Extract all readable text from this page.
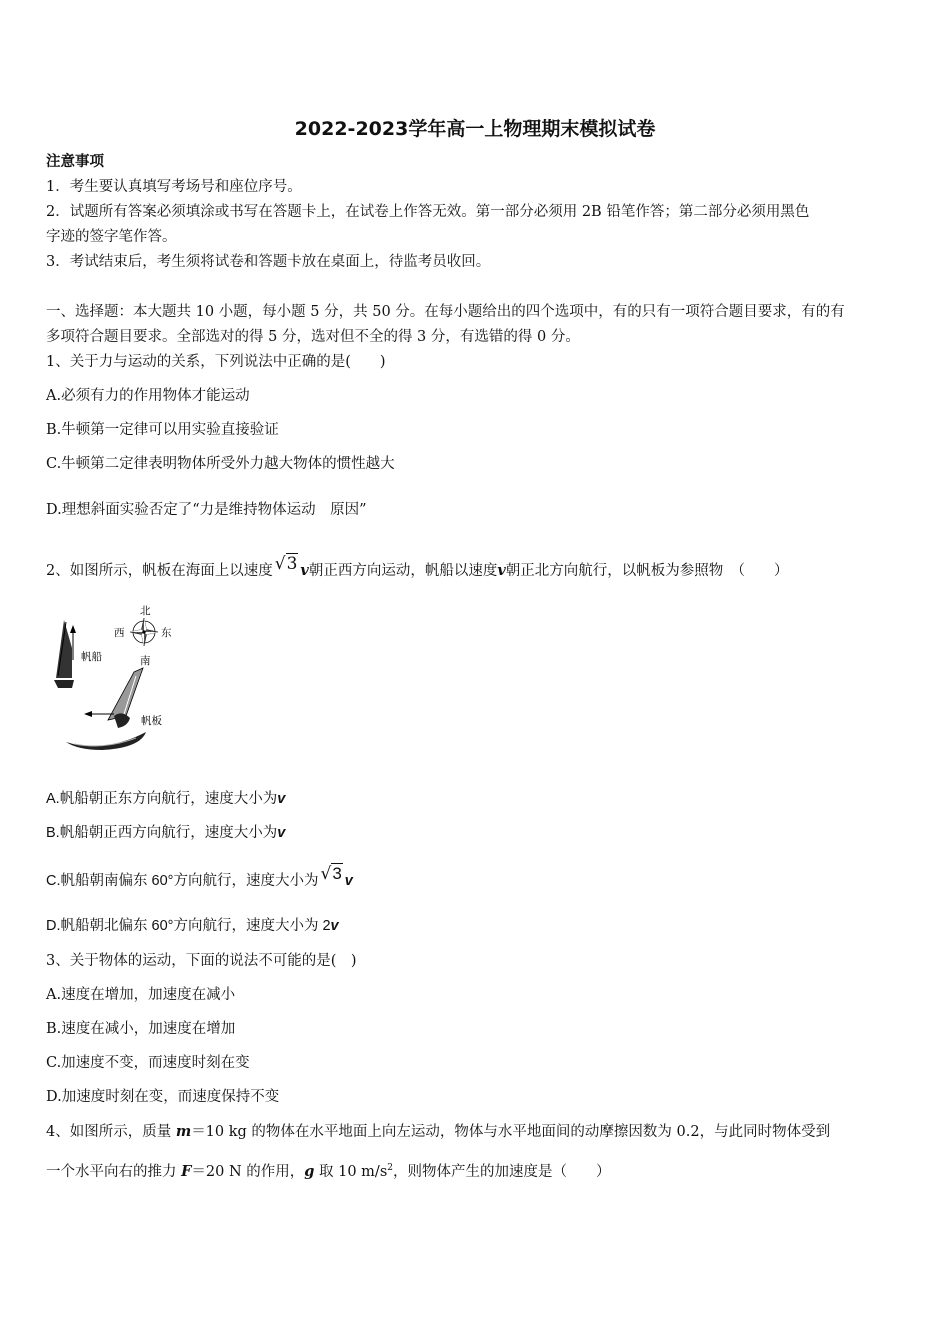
2022-2023学年高一上物理期末模拟试卷
注意事项
1．考生要认真填写考场号和座位序号。
2．试题所有答案必须填涂或书写在答题卡上，在试卷上作答无效。第一部分必须用 2B 铅笔作答；第二部分必须用黑色
字迹的签字笔作答。
3．考试结束后，考生须将试卷和答题卡放在桌面上，待监考员收回。
一、选择题：本大题共 10 小题，每小题 5 分，共 50 分。在每小题给出的四个选项中，有的只有一项符合题目要求，有的有
多项符合题目要求。全部选对的得 5 分，选对但不全的得 3 分，有选错的得 0 分。
1、关于力与运动的关系，下列说法中正确的是(　　)
A.必须有力的作用物体才能运动
B.牛顿第一定律可以用实验直接验证
C.牛顿第二定律表明物体所受外力越大物体的惯性越大
D.理想斜面实验否定了“力是维持物体运动　原因”
2、如图所示，帆板在海面上以速度 √3 v朝正西方向运动，帆船以速度v朝正北方向航行，以帆板为参照物　（　　）
帆船
北
南
西	东
帆板
A.帆船朝正东方向航行，速度大小为v
B.帆船朝正西方向航行，速度大小为v
C.帆船朝南偏东 60°方向航行，速度大小为 √3 v
D.帆船朝北偏东 60°方向航行，速度大小为 2v
3、关于物体的运动，下面的说法不可能的是(　)
A.速度在增加，加速度在减小
B.速度在减小，加速度在增加
C.加速度不变，而速度时刻在变
D.加速度时刻在变，而速度保持不变
4、如图所示，质量 m＝10 kg 的物体在水平地面上向左运动，物体与水平地面间的动摩擦因数为 0.2，与此同时物体受到
一个水平向右的推力 F＝20 N 的作用，g 取 10 $m/s^2$，则物体产生的加速度是（　　）
